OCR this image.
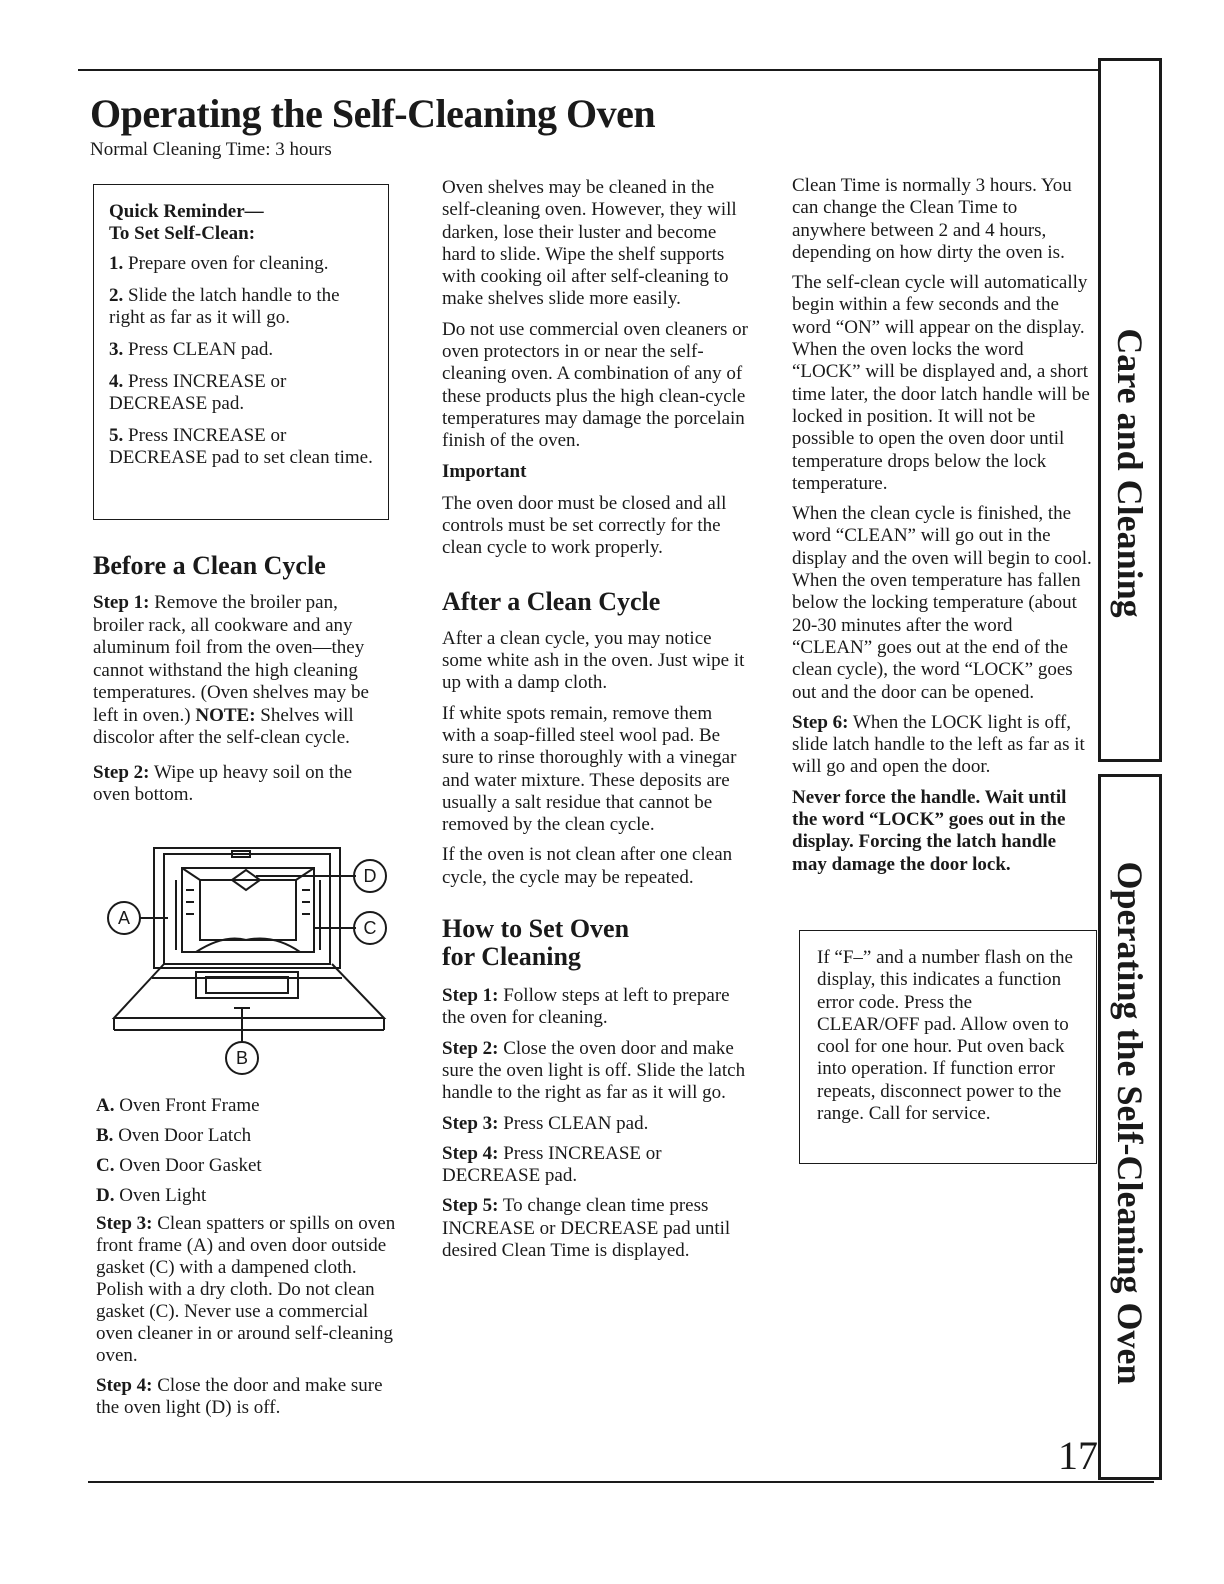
Care and Cleaning
Operating the Self-Cleaning Oven
Operating the Self-Cleaning Oven
Normal Cleaning Time: 3 hours
Quick Reminder—
To Set Self-Clean:

1. Prepare oven for cleaning.

2. Slide the latch handle to the right as far as it will go.

3. Press CLEAN pad.

4. Press INCREASE or DECREASE pad.

5. Press INCREASE or DECREASE pad to set clean time.

Before a Clean Cycle

Step 1: Remove the broiler pan, broiler rack, all cookware and any aluminum foil from the oven—they cannot withstand the high cleaning temperatures. (Oven shelves may be left in oven.) NOTE: Shelves will discolor after the self-clean cycle.

Step 2: Wipe up heavy soil on the oven bottom.

A
D
C
B

A. Oven Front Frame

B. Oven Door Latch

C. Oven Door Gasket

D. Oven Light

Step 3: Clean spatters or spills on oven front frame (A) and oven door outside gasket (C) with a dampened cloth. Polish with a dry cloth. Do not clean gasket (C). Never use a commercial oven cleaner in or around self-cleaning oven.

Step 4: Close the door and make sure the oven light (D) is off.

Oven shelves may be cleaned in the self-cleaning oven. However, they will darken, lose their luster and become hard to slide. Wipe the shelf supports with cooking oil after self-cleaning to make shelves slide more easily.

Do not use commercial oven cleaners or oven protectors in or near the self-cleaning oven. A combination of any of these products plus the high clean-cycle temperatures may damage the porcelain finish of the oven.

Important

The oven door must be closed and all controls must be set correctly for the clean cycle to work properly.

After a Clean Cycle

After a clean cycle, you may notice some white ash in the oven. Just wipe it up with a damp cloth.

If white spots remain, remove them with a soap-filled steel wool pad. Be sure to rinse thoroughly with a vinegar and water mixture. These deposits are usually a salt residue that cannot be removed by the clean cycle.

If the oven is not clean after one clean cycle, the cycle may be repeated.

How to Set Oven
for Cleaning

Step 1: Follow steps at left to prepare the oven for cleaning.

Step 2: Close the oven door and make sure the oven light is off. Slide the latch handle to the right as far as it will go.

Step 3: Press CLEAN pad.

Step 4: Press INCREASE or DECREASE pad.

Step 5: To change clean time press INCREASE or DECREASE pad until desired Clean Time is displayed.

Clean Time is normally 3 hours. You can change the Clean Time to anywhere between 2 and 4 hours, depending on how dirty the oven is.

The self-clean cycle will automatically begin within a few seconds and the word “ON” will appear on the display. When the oven locks the word “LOCK” will be displayed and, a short time later, the door latch handle will be locked in position. It will not be possible to open the oven door until temperature drops below the lock temperature.

When the clean cycle is finished, the word “CLEAN” will go out in the display and the oven will begin to cool. When the oven temperature has fallen below the locking temperature (about 20-30 minutes after the word “CLEAN” goes out at the end of the clean cycle), the word “LOCK” goes out and the door can be opened.

Step 6: When the LOCK light is off, slide latch handle to the left as far as it will go and open the door.

Never force the handle. Wait until the word “LOCK” goes out in the display. Forcing the latch handle may damage the door lock.

If “F–” and a number flash on the display, this indicates a function error code. Press the CLEAR/OFF pad. Allow oven to cool for one hour. Put oven back into operation. If function error repeats, disconnect power to the range. Call for service.
17
